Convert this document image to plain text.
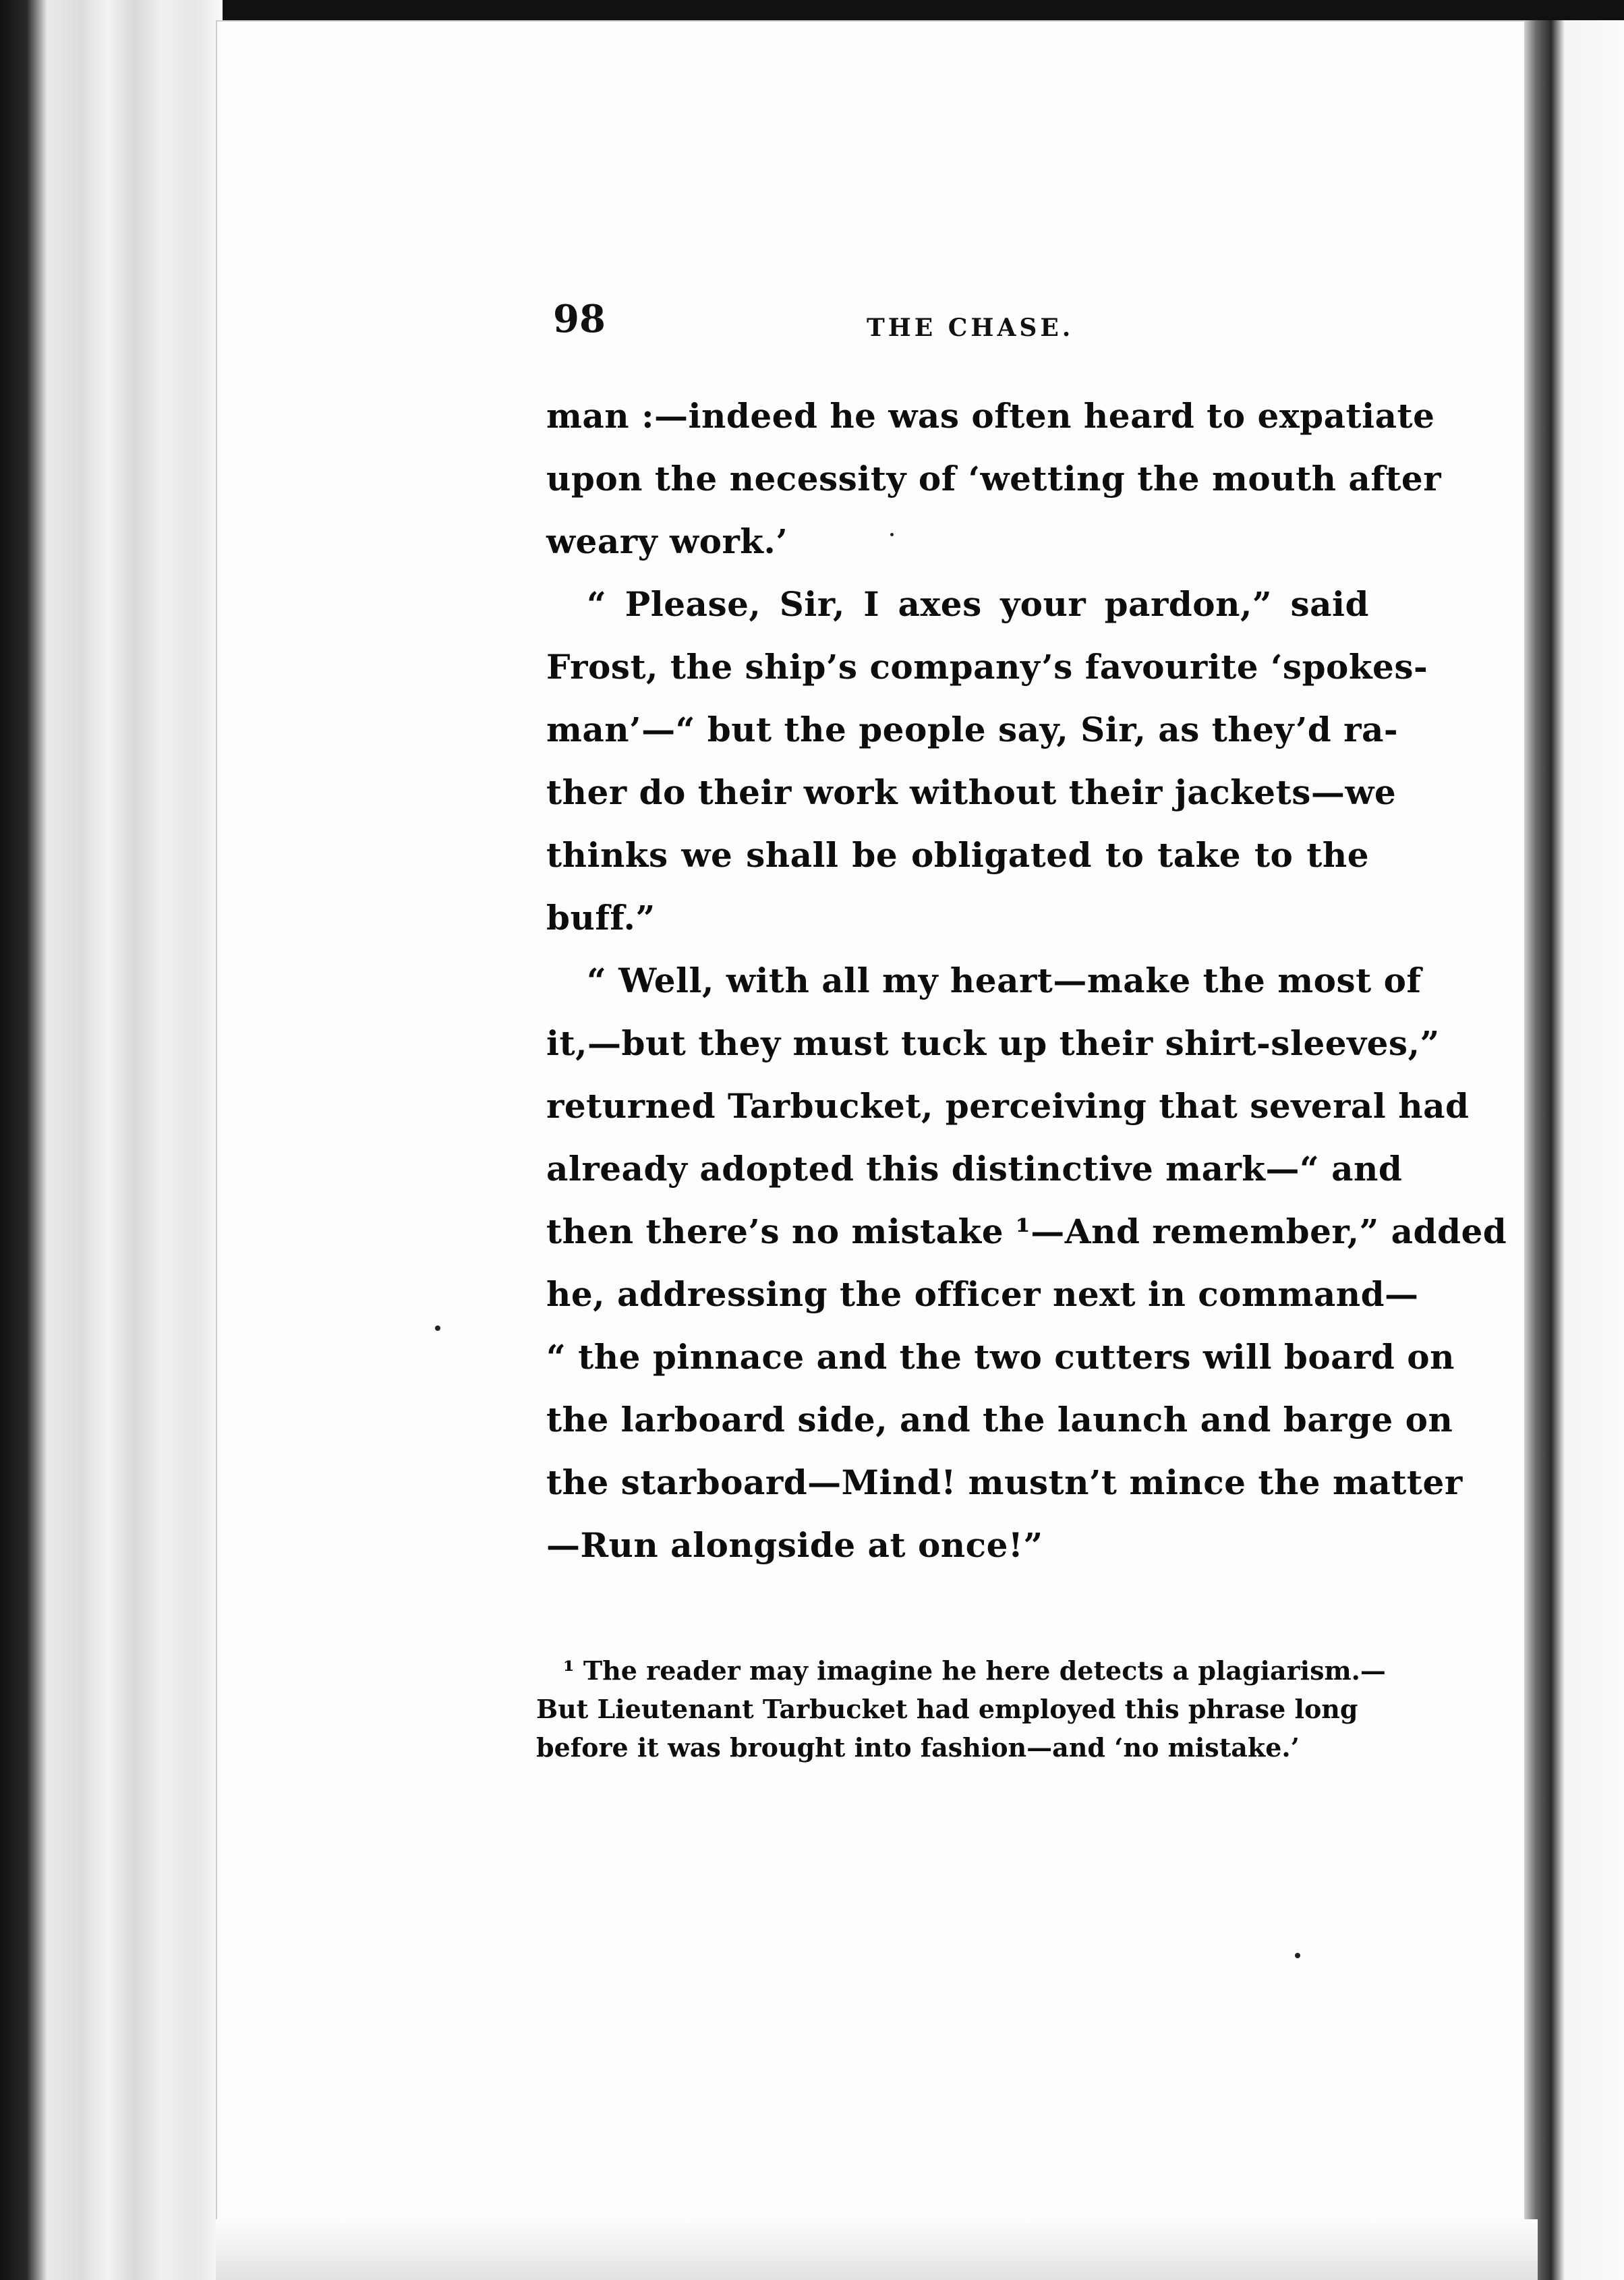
98	THE CHASE.
man :—indeed he was often heard to expatiate
upon the necessity of ‘wetting the mouth after
weary work.’
“ Please, Sir, I axes your pardon,” said
Frost, the ship’s company’s favourite ‘spokes-
man’—“ but the people say, Sir, as they’d ra-
ther do their work without their jackets—we
thinks we shall be obligated to take to the
buff.”
“ Well, with all my heart—make the most of
it,—but they must tuck up their shirt-sleeves,”
returned Tarbucket, perceiving that several had
already adopted this distinctive mark—“ and
then there’s no mistake ¹—And remember,” added
he, addressing the officer next in command—
“ the pinnace and the two cutters will board on
the larboard side, and the launch and barge on
the starboard—Mind! mustn’t mince the matter
—Run alongside at once!”
¹ The reader may imagine he here detects a plagiarism.—
But Lieutenant Tarbucket had employed this phrase long
before it was brought into fashion—and ‘no mistake.’
